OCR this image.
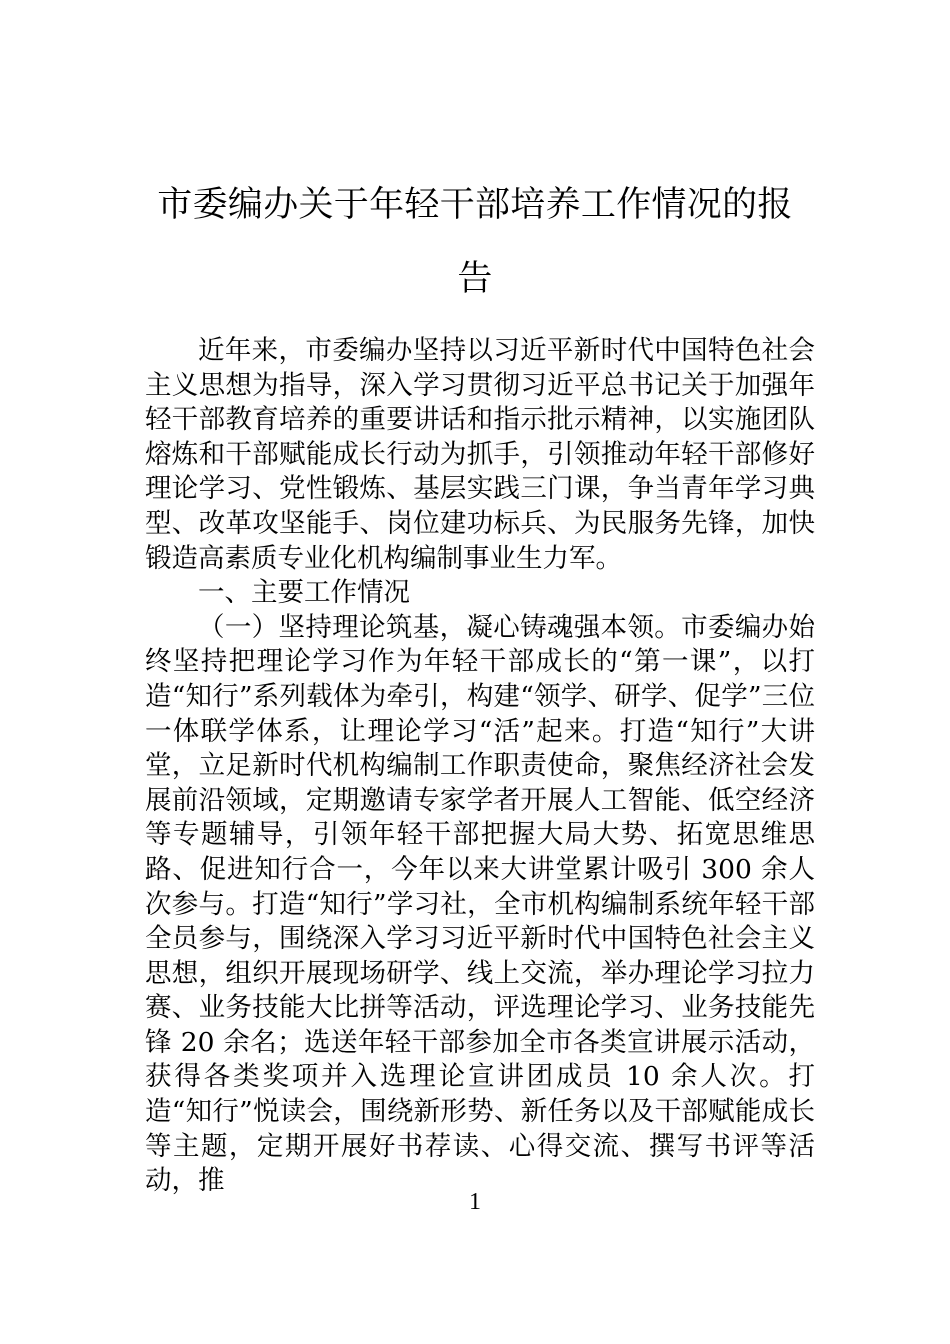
市委编办关于年轻干部培养工作情况的报告

近年来，市委编办坚持以习近平新时代中国特色社会主义思想为指导，深入学习贯彻习近平总书记关于加强年轻干部教育培养的重要讲话和指示批示精神，以实施团队熔炼和干部赋能成长行动为抓手，引领推动年轻干部修好理论学习、党性锻炼、基层实践三门课，争当青年学习典型、改革攻坚能手、岗位建功标兵、为民服务先锋，加快锻造高素质专业化机构编制事业生力军。

一、主要工作情况

（一）坚持理论筑基，凝心铸魂强本领。市委编办始终坚持把理论学习作为年轻干部成长的“第一课”，以打造“知行”系列载体为牵引，构建“领学、研学、促学”三位一体联学体系，让理论学习“活”起来。打造“知行”大讲堂，立足新时代机构编制工作职责使命，聚焦经济社会发展前沿领域，定期邀请专家学者开展人工智能、低空经济等专题辅导，引领年轻干部把握大局大势、拓宽思维思路、促进知行合一，今年以来大讲堂累计吸引 300 余人次参与。打造“知行”学习社，全市机构编制系统年轻干部全员参与，围绕深入学习习近平新时代中国特色社会主义思想，组织开展现场研学、线上交流，举办理论学习拉力赛、业务技能大比拼等活动，评选理论学习、业务技能先锋 20 余名；选送年轻干部参加全市各类宣讲展示活动，获得各类奖项并入选理论宣讲团成员 10 余人次。打造“知行”悦读会，围绕新形势、新任务以及干部赋能成长等主题，定期开展好书荐读、心得交流、撰写书评等活动，推

1
